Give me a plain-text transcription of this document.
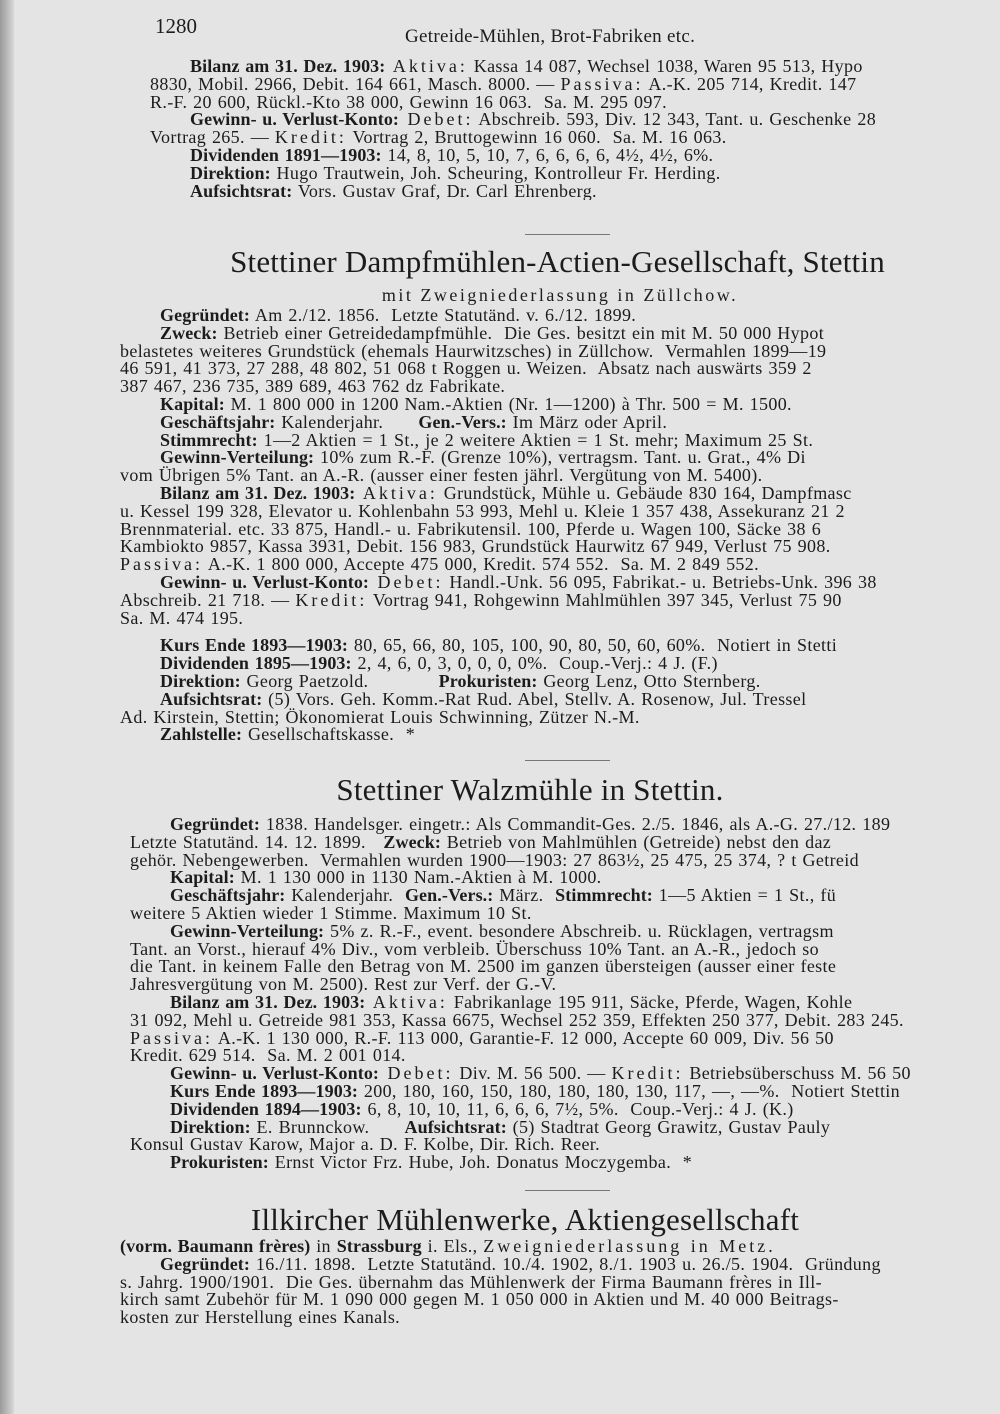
1280	Getreide-Mühlen, Brot-Fabriken etc.
Bilanz am 31. Dez. 1903: Aktiva: Kassa 14 087, Wechsel 1038, Waren 95 513, Hypo
8830, Mobil. 2966, Debit. 164 661, Masch. 8000. — Passiva: A.-K. 205 714, Kredit. 147
R.-F. 20 600, Rückl.-Kto 38 000, Gewinn 16 063.  Sa. M. 295 097.
Gewinn- u. Verlust-Konto: Debet: Abschreib. 593, Div. 12 343, Tant. u. Geschenke 28
Vortrag 265. — Kredit: Vortrag 2, Bruttogewinn 16 060.  Sa. M. 16 063.
Dividenden 1891—1903: 14, 8, 10, 5, 10, 7, 6, 6, 6, 6, 4½, 4½, 6%.
Direktion: Hugo Trautwein, Joh. Scheuring, Kontrolleur Fr. Herding.
Aufsichtsrat: Vors. Gustav Graf, Dr. Carl Ehrenberg.
Stettiner Dampfmühlen-Actien-Gesellschaft, Stettin
mit Zweigniederlassung in Züllchow.
Gegründet: Am 2./12. 1856.  Letzte Statutänd. v. 6./12. 1899.
Zweck: Betrieb einer Getreidedampfmühle.  Die Ges. besitzt ein mit M. 50 000 Hypot
belastetes weiteres Grundstück (ehemals Haurwitzsches) in Züllchow.  Vermahlen 1899—19
46 591, 41 373, 27 288, 48 802, 51 068 t Roggen u. Weizen.  Absatz nach auswärts 359 2
387 467, 236 735, 389 689, 463 762 dz Fabrikate.
Kapital: M. 1 800 000 in 1200 Nam.-Aktien (Nr. 1—1200) à Thr. 500 = M. 1500.
Geschäftsjahr: Kalenderjahr.      Gen.-Vers.: Im März oder April.
Stimmrecht: 1—2 Aktien = 1 St., je 2 weitere Aktien = 1 St. mehr; Maximum 25 St.
Gewinn-Verteilung: 10% zum R.-F. (Grenze 10%), vertragsm. Tant. u. Grat., 4% Di
vom Übrigen 5% Tant. an A.-R. (ausser einer festen jährl. Vergütung von M. 5400).
Bilanz am 31. Dez. 1903: Aktiva: Grundstück, Mühle u. Gebäude 830 164, Dampfmasc
u. Kessel 199 328, Elevator u. Kohlenbahn 53 993, Mehl u. Kleie 1 357 438, Assekuranz 21 2
Brennmaterial. etc. 33 875, Handl.- u. Fabrikutensil. 100, Pferde u. Wagen 100, Säcke 38 6
Kambiokto 9857, Kassa 3931, Debit. 156 983, Grundstück Haurwitz 67 949, Verlust 75 908.
Passiva: A.-K. 1 800 000, Accepte 475 000, Kredit. 574 552.  Sa. M. 2 849 552.
Gewinn- u. Verlust-Konto: Debet: Handl.-Unk. 56 095, Fabrikat.- u. Betriebs-Unk. 396 38
Abschreib. 21 718. — Kredit: Vortrag 941, Rohgewinn Mahlmühlen 397 345, Verlust 75 90
Sa. M. 474 195.
Kurs Ende 1893—1903: 80, 65, 66, 80, 105, 100, 90, 80, 50, 60, 60%.  Notiert in Stetti
Dividenden 1895—1903: 2, 4, 6, 0, 3, 0, 0, 0, 0%.  Coup.-Verj.: 4 J. (F.)
Direktion: Georg Paetzold.            Prokuristen: Georg Lenz, Otto Sternberg.
Aufsichtsrat: (5) Vors. Geh. Komm.-Rat Rud. Abel, Stellv. A. Rosenow, Jul. Tressel
Ad. Kirstein, Stettin; Ökonomierat Louis Schwinning, Zützer N.-M.
Zahlstelle: Gesellschaftskasse.  *
Stettiner Walzmühle in Stettin.
Gegründet: 1838. Handelsger. eingetr.: Als Commandit-Ges. 2./5. 1846, als A.-G. 27./12. 189
Letzte Statutänd. 14. 12. 1899.   Zweck: Betrieb von Mahlmühlen (Getreide) nebst den daz
gehör. Nebengewerben.  Vermahlen wurden 1900—1903: 27 863½, 25 475, 25 374, ? t Getreid
Kapital: M. 1 130 000 in 1130 Nam.-Aktien à M. 1000.
Geschäftsjahr: Kalenderjahr.  Gen.-Vers.: März.  Stimmrecht: 1—5 Aktien = 1 St., fü
weitere 5 Aktien wieder 1 Stimme. Maximum 10 St.
Gewinn-Verteilung: 5% z. R.-F., event. besondere Abschreib. u. Rücklagen, vertragsm
Tant. an Vorst., hierauf 4% Div., vom verbleib. Überschuss 10% Tant. an A.-R., jedoch so
die Tant. in keinem Falle den Betrag von M. 2500 im ganzen übersteigen (ausser einer feste
Jahresvergütung von M. 2500). Rest zur Verf. der G.-V.
Bilanz am 31. Dez. 1903: Aktiva: Fabrikanlage 195 911, Säcke, Pferde, Wagen, Kohle
31 092, Mehl u. Getreide 981 353, Kassa 6675, Wechsel 252 359, Effekten 250 377, Debit. 283 245.
Passiva: A.-K. 1 130 000, R.-F. 113 000, Garantie-F. 12 000, Accepte 60 009, Div. 56 50
Kredit. 629 514.  Sa. M. 2 001 014.
Gewinn- u. Verlust-Konto: Debet: Div. M. 56 500. — Kredit: Betriebsüberschuss M. 56 50
Kurs Ende 1893—1903: 200, 180, 160, 150, 180, 180, 180, 130, 117, —, —%.  Notiert Stettin
Dividenden 1894—1903: 6, 8, 10, 10, 11, 6, 6, 6, 7½, 5%.  Coup.-Verj.: 4 J. (K.)
Direktion: E. Brunnckow.      Aufsichtsrat: (5) Stadtrat Georg Grawitz, Gustav Pauly
Konsul Gustav Karow, Major a. D. F. Kolbe, Dir. Rich. Reer.
Prokuristen: Ernst Victor Frz. Hube, Joh. Donatus Moczygemba.  *
Illkircher Mühlenwerke, Aktiengesellschaft
(vorm. Baumann frères) in Strassburg i. Els., Zweigniederlassung in Metz.
Gegründet: 16./11. 1898.  Letzte Statutänd. 10./4. 1902, 8./1. 1903 u. 26./5. 1904.  Gründung
s. Jahrg. 1900/1901.  Die Ges. übernahm das Mühlenwerk der Firma Baumann frères in Ill-
kirch samt Zubehör für M. 1 090 000 gegen M. 1 050 000 in Aktien und M. 40 000 Beitrags-
kosten zur Herstellung eines Kanals.
